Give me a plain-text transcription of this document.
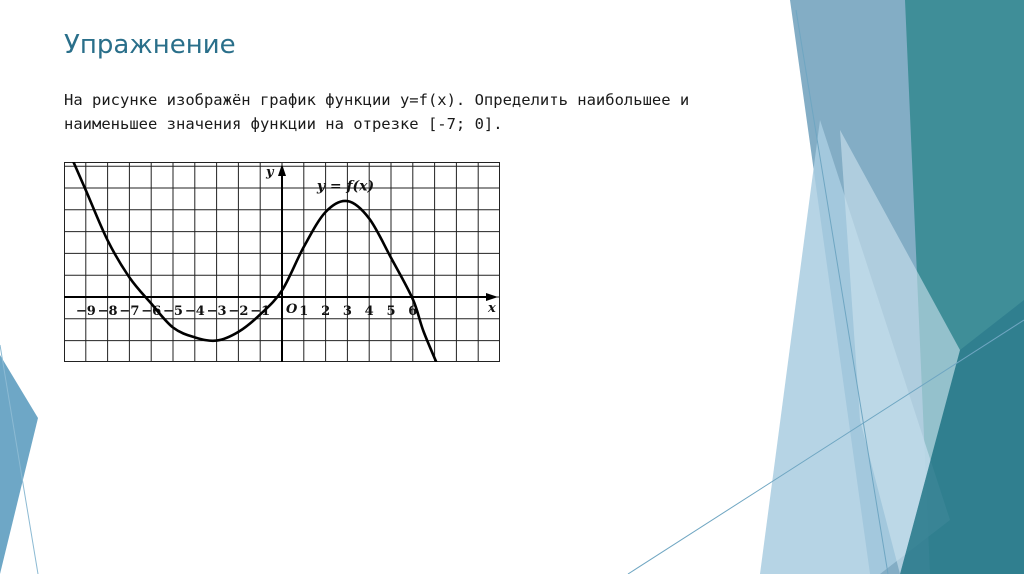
Упражнение
На рисунке изображён график функции y=f(x). Определить наибольшее и
наименьшее значения функции на отрезке [-7; 0].
x
y
O
−9 −8 −7 −6 −5 −4 −3 −2 −1 1 2 3 4 5 6
y = f(x)
